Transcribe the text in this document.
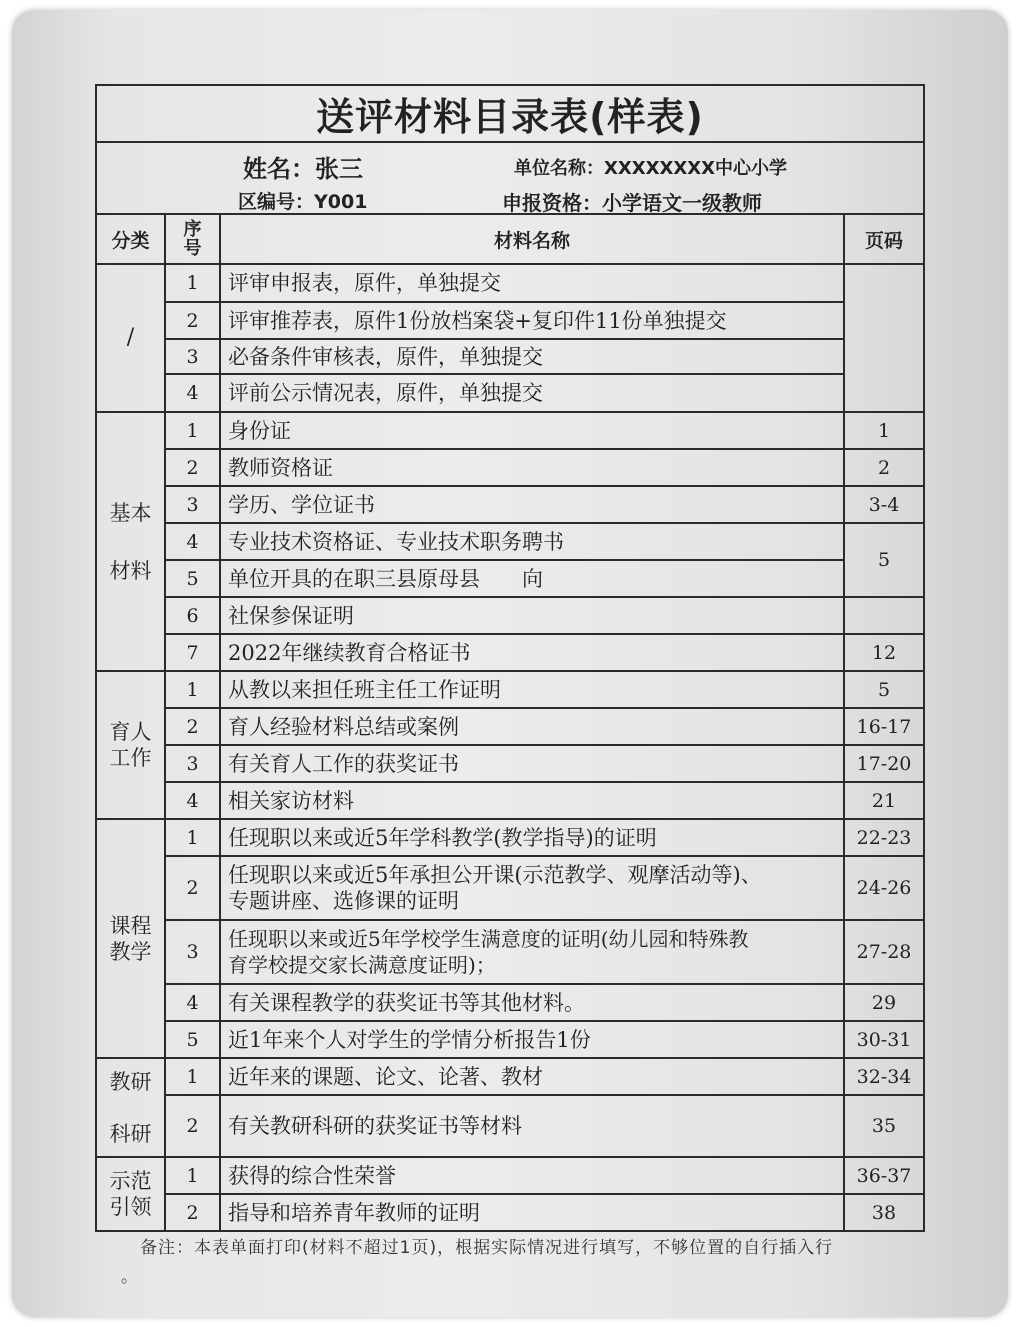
送评材料目录表(样表)			

姓名：张三 单位名称：XXXXXXXX中心小学
区编号：Y001 申报资格：小学语文一级教师			

分类	序号	材料名称	页码
/	1	评审申报表，原件，单独提交	
	2	评审推荐表，原件1份放档案袋+复印件11份单独提交	
	3	必备条件审核表，原件，单独提交	
	4	评前公示情况表，原件，单独提交	

基本
材料	1	身份证	1
	2	教师资格证	2
	3	学历、学位证书	3-4
	4	专业技术资格证、专业技术职务聘书	5
	5	单位开具的在职三县原母县　　向	
	6	社保参保证明	
	7	2022年继续教育合格证书	12

育人
工作	1	从教以来担任班主任工作证明	5
	2	育人经验材料总结或案例	16-17
	3	有关育人工作的获奖证书	17-20
	4	相关家访材料	21

课程
教学	1	任现职以来或近5年学科教学(教学指导)的证明	22-23
	2	任现职以来或近5年承担公开课(示范教学、观摩活动等)、
专题讲座、选修课的证明	24-26
	3	任现职以来或近5年学校学生满意度的证明(幼儿园和特殊教
育学校提交家长满意度证明)；	27-28
	4	有关课程教学的获奖证书等其他材料。	29
	5	近1年来个人对学生的学情分析报告1份	30-31

教研
科研	1	近年来的课题、论文、论著、教材	32-34
	2	有关教研科研的获奖证书等材料	35

示范
引领	1	获得的综合性荣誉	36-37
	2	指导和培养青年教师的证明	38
备注：本表单面打印(材料不超过1页)，根据实际情况进行填写，不够位置的自行插入行
。
